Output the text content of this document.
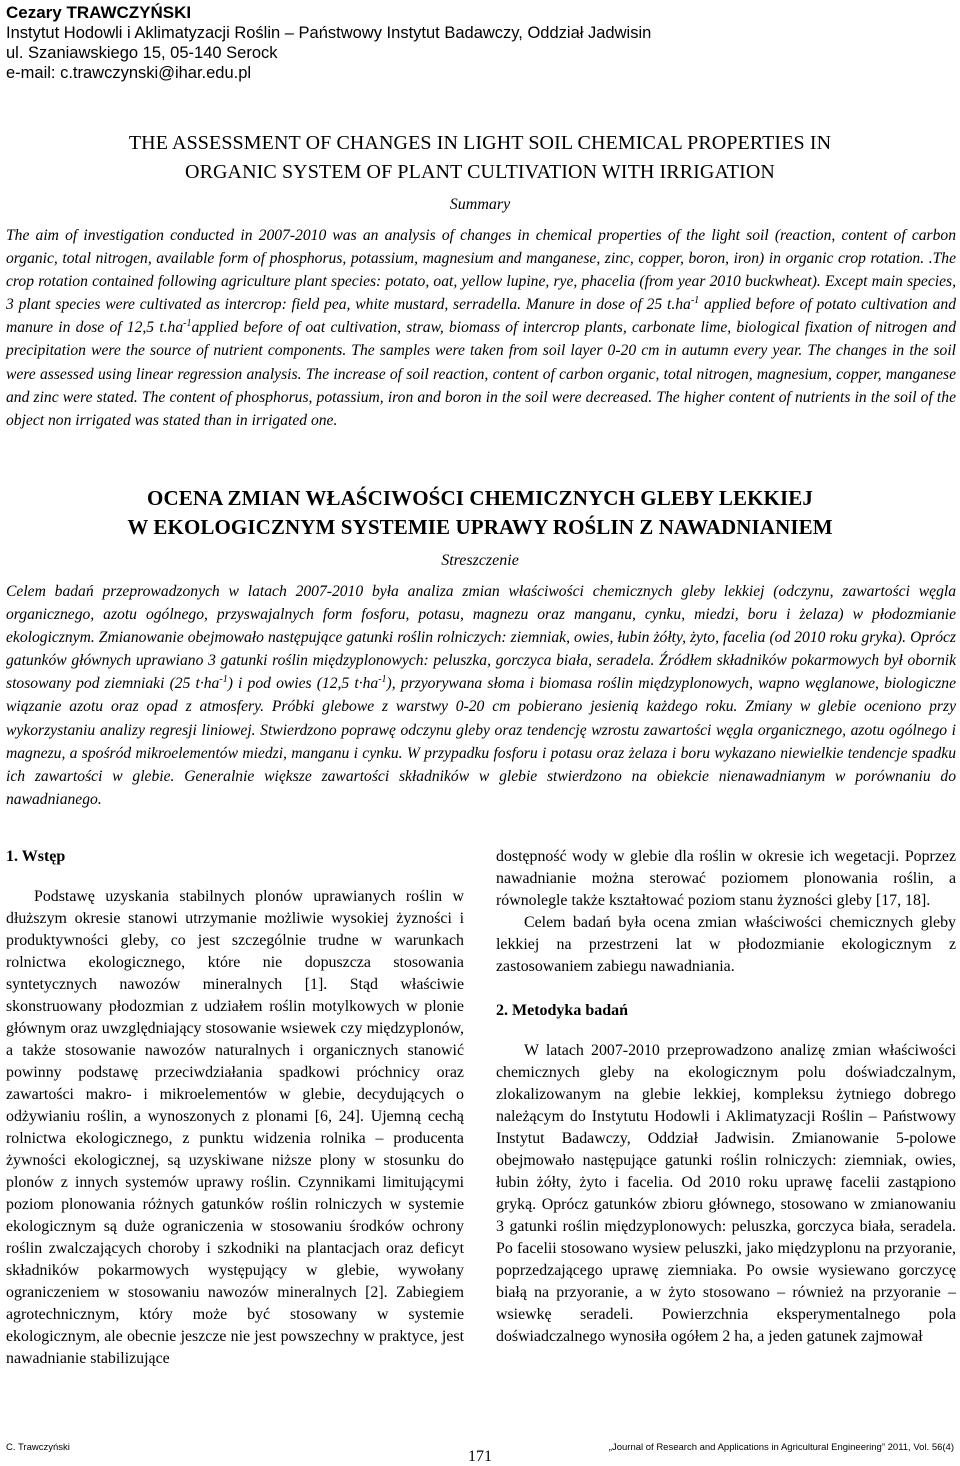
Cezary TRAWCZYŃSKI
Instytut Hodowli i Aklimatyzacji Roślin – Państwowy Instytut Badawczy, Oddział Jadwisin
ul. Szaniawskiego 15, 05-140 Serock
e-mail: c.trawczynski@ihar.edu.pl
THE ASSESSMENT OF CHANGES IN LIGHT SOIL CHEMICAL PROPERTIES IN
ORGANIC SYSTEM OF PLANT CULTIVATION WITH IRRIGATION
Summary
The aim of investigation conducted in 2007-2010 was an analysis of changes in chemical properties of the light soil (reaction, content of carbon organic, total nitrogen, available form of phosphorus, potassium, magnesium and manganese, zinc, copper, boron, iron) in organic crop rotation. .The crop rotation contained following agriculture plant species: potato, oat, yellow lupine, rye, phacelia (from year 2010 buckwheat). Except main species, 3 plant species were cultivated as intercrop: field pea, white mustard, serradella. Manure in dose of 25 $t.ha^{-1}$ applied before of potato cultivation and manure in dose of 12,5 $t.ha^{-1}applied$ before of oat cultivation, straw, biomass of intercrop plants, carbonate lime, biological fixation of nitrogen and precipitation were the source of nutrient components. The samples were taken from soil layer 0-20 cm in autumn every year. The changes in the soil were assessed using linear regression analysis. The increase of soil reaction, content of carbon organic, total nitrogen, magnesium, copper, manganese and zinc were stated. The content of phosphorus, potassium, iron and boron in the soil were decreased. The higher content of nutrients in the soil of the object non irrigated was stated than in irrigated one.
OCENA ZMIAN WŁAŚCIWOŚCI CHEMICZNYCH GLEBY LEKKIEJ
W EKOLOGICZNYM SYSTEMIE UPRAWY ROŚLIN Z NAWADNIANIEM
Streszczenie
Celem badań przeprowadzonych w latach 2007-2010 była analiza zmian właściwości chemicznych gleby lekkiej (odczynu, zawartości węgla organicznego, azotu ogólnego, przyswajalnych form fosforu, potasu, magnezu oraz manganu, cynku, miedzi, boru i żelaza) w płodozmianie ekologicznym. Zmianowanie obejmowało następujące gatunki roślin rolniczych: ziemniak, owies, łubin żółty, żyto, facelia (od 2010 roku gryka). Oprócz gatunków głównych uprawiano 3 gatunki roślin międzyplonowych: peluszka, gorczyca biała, seradela. Źródłem składników pokarmowych był obornik stosowany pod ziemniaki (25 $t\cdot ha^{-1}$) i pod owies (12,5 $t\cdot ha^{-1}$), przyorywana słoma i biomasa roślin międzyplonowych, wapno węglanowe, biologiczne wiązanie azotu oraz opad z atmosfery. Próbki glebowe z warstwy 0-20 cm pobierano jesienią każdego roku. Zmiany w glebie oceniono przy wykorzystaniu analizy regresji liniowej. Stwierdzono poprawę odczynu gleby oraz tendencję wzrostu zawartości węgla organicznego, azotu ogólnego i magnezu, a spośród mikroelementów miedzi, manganu i cynku. W przypadku fosforu i potasu oraz żelaza i boru wykazano niewielkie tendencje spadku ich zawartości w glebie. Generalnie większe zawartości składników w glebie stwierdzono na obiekcie nienawadnianym w porównaniu do nawadnianego.

1. Wstęp

Podstawę uzyskania stabilnych plonów uprawianych roślin w dłuższym okresie stanowi utrzymanie możliwie wysokiej żyzności i produktywności gleby, co jest szczególnie trudne w warunkach rolnictwa ekologicznego, które nie dopuszcza stosowania syntetycznych nawozów mineralnych [1]. Stąd właściwie skonstruowany płodozmian z udziałem roślin motylkowych w plonie głównym oraz uwzględniający stosowanie wsiewek czy międzyplonów, a także stosowanie nawozów naturalnych i organicznych stanowić powinny podstawę przeciwdziałania spadkowi próchnicy oraz zawartości makro- i mikroelementów w glebie, decydujących o odżywianiu roślin, a wynoszonych z plonami [6, 24]. Ujemną cechą rolnictwa ekologicznego, z punktu widzenia rolnika – producenta żywności ekologicznej, są uzyskiwane niższe plony w stosunku do plonów z innych systemów uprawy roślin. Czynnikami limitującymi poziom plonowania różnych gatunków roślin rolniczych w systemie ekologicznym są duże ograniczenia w stosowaniu środków ochrony roślin zwalczających choroby i szkodniki na plantacjach oraz deficyt składników pokarmowych występujący w glebie, wywołany ograniczeniem w stosowaniu nawozów mineralnych [2]. Zabiegiem agrotechnicznym, który może być stosowany w systemie ekologicznym, ale obecnie jeszcze nie jest powszechny w praktyce, jest nawadnianie stabilizujące

dostępność wody w glebie dla roślin w okresie ich wegetacji. Poprzez nawadnianie można sterować poziomem plonowania roślin, a równolegle także kształtować poziom stanu żyzności gleby [17, 18].

Celem badań była ocena zmian właściwości chemicznych gleby lekkiej na przestrzeni lat w płodozmianie ekologicznym z zastosowaniem zabiegu nawadniania.

2. Metodyka badań

W latach 2007-2010 przeprowadzono analizę zmian właściwości chemicznych gleby na ekologicznym polu doświadczalnym, zlokalizowanym na glebie lekkiej, kompleksu żytniego dobrego należącym do Instytutu Hodowli i Aklimatyzacji Roślin – Państwowy Instytut Badawczy, Oddział Jadwisin. Zmianowanie 5-polowe obejmowało następujące gatunki roślin rolniczych: ziemniak, owies, łubin żółty, żyto i facelia. Od 2010 roku uprawę facelii zastąpiono gryką. Oprócz gatunków zbioru głównego, stosowano w zmianowaniu 3 gatunki roślin międzyplonowych: peluszka, gorczyca biała, seradela. Po facelii stosowano wysiew peluszki, jako międzyplonu na przyoranie, poprzedzającego uprawę ziemniaka. Po owsie wysiewano gorczycę białą na przyoranie, a w żyto stosowano – również na przyoranie – wsiewkę seradeli. Powierzchnia eksperymentalnego pola doświadczalnego wynosiła ogółem 2 ha, a jeden gatunek zajmował

C. Trawczyński
171
„Journal of Research and Applications in Agricultural Engineering” 2011, Vol. 56(4)
